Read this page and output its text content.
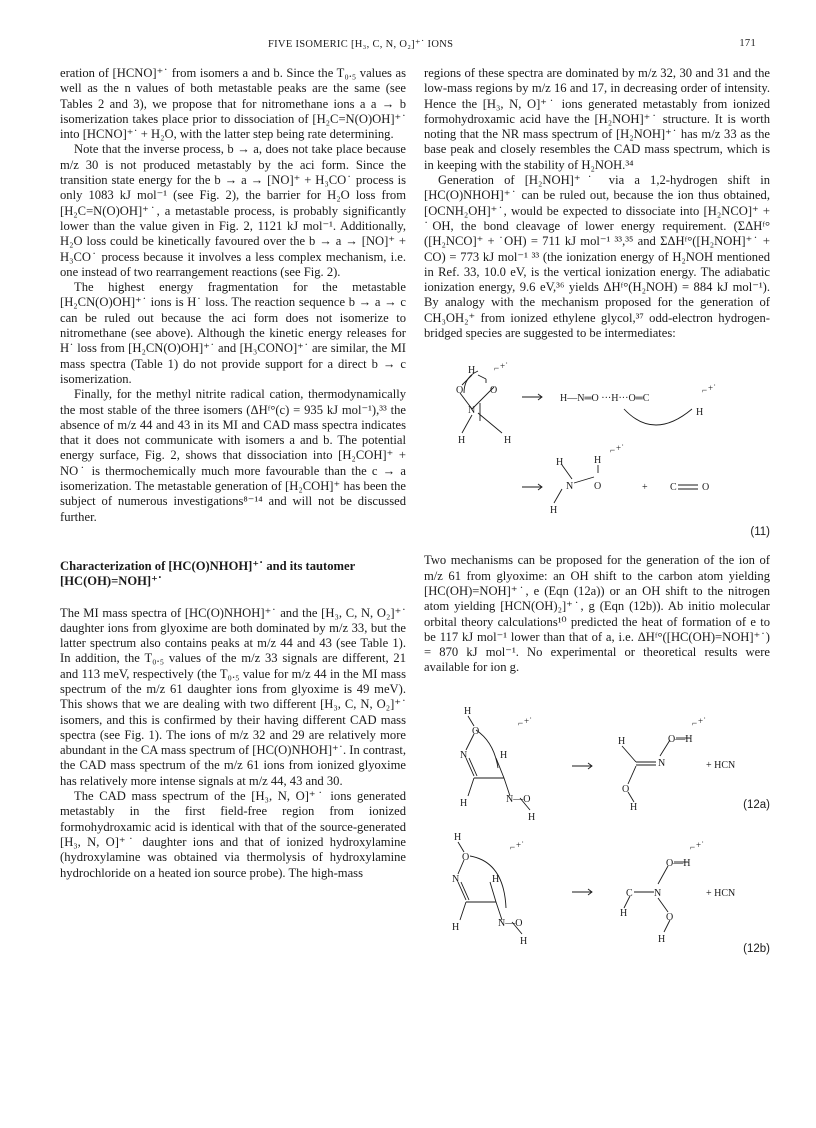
FIVE ISOMERIC [H₃, C, N, O₂]⁺˙ IONS	171

eration of [HCNO]⁺˙ from isomers a and b. Since the T₀.₅ values as well as the n values of both metastable peaks are the same (see Tables 2 and 3), we propose that for nitromethane ions a a → b isomerization takes place prior to dissociation of [H₂C=N(O)OH]⁺˙ into [HCNO]⁺˙ + H₂O, with the latter step being rate determining.

Note that the inverse process, b → a, does not take place because m/z 30 is not produced metastably by the aci form. Since the transition state energy for the b → a → [NO]⁺ + H₃CO˙ process is only 1083 kJ mol⁻¹ (see Fig. 2), the barrier for H₂O loss from [H₂C=N(O)OH]⁺˙, a metastable process, is probably significantly lower than the value given in Fig. 2, 1121 kJ mol⁻¹. Additionally, H₂O loss could be kinetically favoured over the b → a → [NO]⁺ + H₃CO˙ process because it involves a less complex mechanism, i.e. one instead of two rearrangement reactions (see Fig. 2).

The highest energy fragmentation for the metastable [H₂CN(O)OH]⁺˙ ions is H˙ loss. The reaction sequence b → a → c can be ruled out because the aci form does not isomerize to nitromethane (see above). Although the kinetic energy releases for H˙ loss from [H₂CN(O)OH]⁺˙ and [H₃CONO]⁺˙ are similar, the MI mass spectra (Table 1) do not provide support for a direct b → c isomerization.

Finally, for the methyl nitrite radical cation, thermodynamically the most stable of the three isomers (ΔHᶠ°(c) = 935 kJ mol⁻¹),³³ the absence of m/z 44 and 43 in its MI and CAD mass spectra indicates that it does not communicate with isomers a and b. The potential energy surface, Fig. 2, shows that dissociation into [H₂COH]⁺ + NO˙ is thermochemically much more favourable than the c → a isomerization. The metastable generation of [H₂COH]⁺ has been the subject of numerous investigations⁸⁻¹⁴ and will not be discussed further.

Characterization of [HC(O)NHOH]⁺˙ and its tautomer [HC(OH)=NOH]⁺˙

The MI mass spectra of [HC(O)NHOH]⁺˙ and the [H₃, C, N, O₂]⁺˙ daughter ions from glyoxime are both dominated by m/z 33, but the latter spectrum also contains peaks at m/z 44 and 43 (see Table 1). In addition, the T₀.₅ values of the m/z 33 signals are different, 21 and 113 meV, respectively (the T₀.₅ value for m/z 44 in the MI mass spectrum of the m/z 61 daughter ions from glyoxime is 49 meV). This shows that we are dealing with two different [H₃, C, N, O₂]⁺˙ isomers, and this is confirmed by their having different CAD mass spectra (see Fig. 1). The ions of m/z 32 and 29 are relatively more abundant in the CA mass spectrum of [HC(O)NHOH]⁺˙. In contrast, the CAD mass spectrum of the m/z 61 ions from ionized glyoxime has relatively more intense signals at m/z 44, 43 and 30.

The CAD mass spectrum of the [H₃, N, O]⁺˙ ions generated metastably in the first field-free region from ionized formohydroxamic acid is identical with that of the source-generated [H₃, N, O]⁺˙ daughter ions and that of ionized hydroxylamine (hydroxylamine was obtained via thermolysis of hydroxylamine hydrochloride on a heated ion source probe). The high-mass

regions of these spectra are dominated by m/z 32, 30 and 31 and the low-mass regions by m/z 16 and 17, in decreasing order of intensity. Hence the [H₃, N, O]⁺˙ ions generated metastably from ionized formohydroxamic acid have the [H₂NOH]⁺˙ structure. It is worth noting that the NR mass spectrum of [H₂NOH]⁺˙ has m/z 33 as the base peak and closely resembles the CAD mass spectrum, which is in keeping with the stability of H₂NOH.³⁴

Generation of [H₂NOH]⁺˙ via a 1,2-hydrogen shift in [HC(O)NHOH]⁺˙ can be ruled out, because the ion thus obtained, [OCNH₂OH]⁺˙, would be expected to dissociate into [H₂NCO]⁺ + ˙OH, the bond cleavage of lower energy requirement. (ΣΔHᶠ°([H₂NCO]⁺ + ˙OH) = 711 kJ mol⁻¹ ³³,³⁵ and ΣΔHᶠ°([H₂NOH]⁺˙ + CO) = 773 kJ mol⁻¹ ³³ (the ionization energy of H₂NOH mentioned in Ref. 33, 10.0 eV, is the vertical ionization energy. The adiabatic ionization energy, 9.6 eV,³⁶ yields ΔHᶠ°(H₂NOH) = 884 kJ mol⁻¹). By analogy with the mechanism proposed for the generation of CH₃OH₂⁺ from ionized ethylene glycol,³⁷ odd-electron hydrogen-bridged species are suggested to be intermediates:

H ⌐ +˙
O	O
N
H	H
H—N═O ···H···O═C
⌐ +˙
H
⌐ +˙
H	H
N O
H
+ C	O
(11)

Two mechanisms can be proposed for the generation of the ion of m/z 61 from glyoxime: an OH shift to the carbon atom yielding [HC(OH)=NOH]⁺˙, e (Eqn (12a)) or an OH shift to the nitrogen atom yielding [HCN(OH)₂]⁺˙, g (Eqn (12b)). Ab initio molecular orbital theory calculations¹⁰ predicted the heat of formation of e to be 117 kJ mol⁻¹ lower than that of a, i.e. ΔHᶠ°([HC(OH)=NOH]⁺˙) = 870 kJ mol⁻¹. No experimental or theoretical results were available for ion g.

H
O
⌐ +˙
N	H
H	N—O
H
H	O—H
⌐ +˙
N
O
H
+ HCN
(12a)
H
O
⌐ +˙
N	H
H	N—O
H
O—H
⌐ +˙
C N
H	O
H
+ HCN
(12b)
